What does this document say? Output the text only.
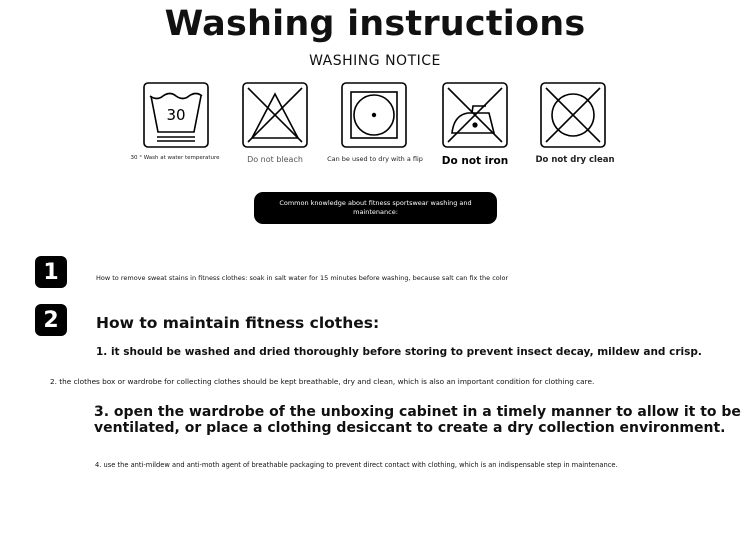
Washing instructions
WASHING NOTICE
30
30 ° Wash at water temperature	Do not bleach	Can be used to dry with a flip	Do not iron	Do not dry clean
Common knowledge about fitness sportswear washing and maintenance:
1	How to remove sweat stains in fitness clothes: soak in salt water for 15 minutes before washing, because salt can fix the color
2	How to maintain fitness clothes:
1. it should be washed and dried thoroughly before storing to prevent insect decay, mildew and crisp.
2. the clothes box or wardrobe for collecting clothes should be kept breathable, dry and clean, which is also an important condition for clothing care.
3. open the wardrobe of the unboxing cabinet in a timely manner to allow it to be
ventilated, or place a clothing desiccant to create a dry collection environment.
4. use the anti-mildew and anti-moth agent of breathable packaging to prevent direct contact with clothing, which is an indispensable step in maintenance.
